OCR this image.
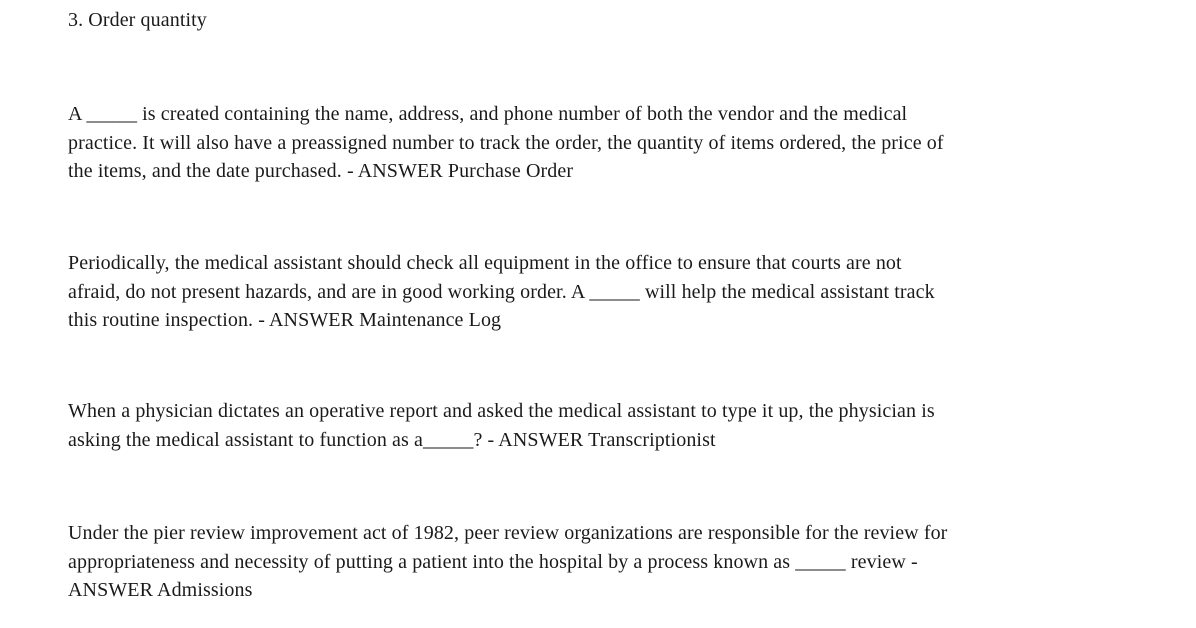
3. Order quantity

A _____ is created containing the name, address, and phone number of both the vendor and the medical
practice. It will also have a preassigned number to track the order, the quantity of items ordered, the price of
the items, and the date purchased. - ANSWER Purchase Order

Periodically, the medical assistant should check all equipment in the office to ensure that courts are not
afraid, do not present hazards, and are in good working order. A _____ will help the medical assistant track
this routine inspection. - ANSWER Maintenance Log

When a physician dictates an operative report and asked the medical assistant to type it up, the physician is
asking the medical assistant to function as a_____? - ANSWER Transcriptionist

Under the pier review improvement act of 1982, peer review organizations are responsible for the review for
appropriateness and necessity of putting a patient into the hospital by a process known as _____ review -
ANSWER Admissions
